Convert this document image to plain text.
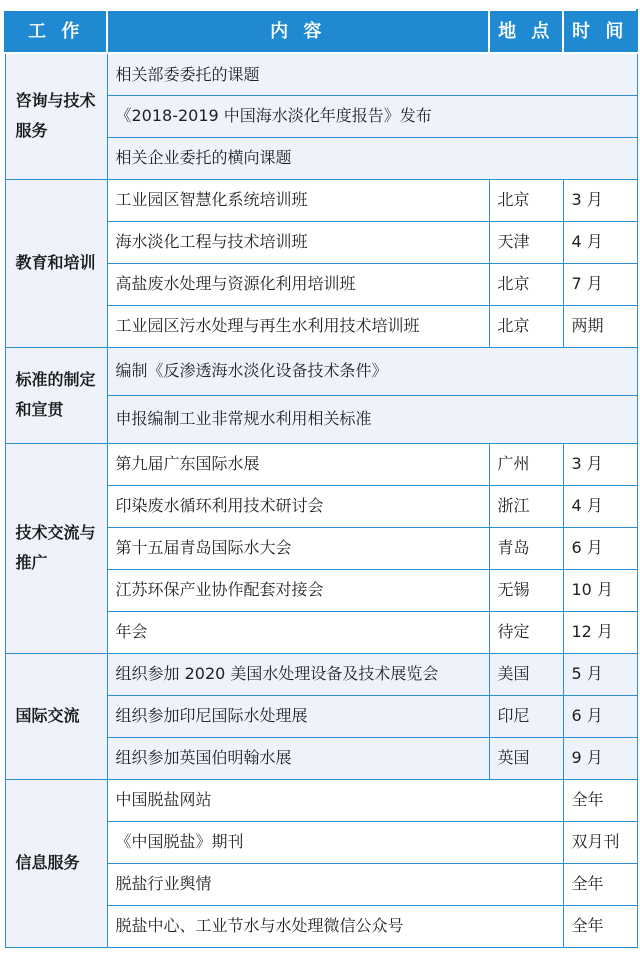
工 作	内 容	地 点	时 间
咨询与技术服务	相关部委委托的课题		
	《2018-2019 中国海水淡化年度报告》发布		
	相关企业委托的横向课题		
教育和培训	工业园区智慧化系统培训班	北京	3 月
	海水淡化工程与技术培训班	天津	4 月
	高盐废水处理与资源化利用培训班	北京	7 月
	工业园区污水处理与再生水利用技术培训班	北京	两期
标准的制定和宣贯	编制《反渗透海水淡化设备技术条件》		
	申报编制工业非常规水利用相关标准		
技术交流与推广	第九届广东国际水展	广州	3 月
	印染废水循环利用技术研讨会	浙江	4 月
	第十五届青岛国际水大会	青岛	6 月
	江苏环保产业协作配套对接会	无锡	10 月
	年会	待定	12 月
国际交流	组织参加 2020 美国水处理设备及技术展览会	美国	5 月
	组织参加印尼国际水处理展	印尼	6 月
	组织参加英国伯明翰水展	英国	9 月
信息服务	中国脱盐网站		全年
	《中国脱盐》期刊		双月刊
	脱盐行业舆情		全年
	脱盐中心、工业节水与水处理微信公众号		全年
